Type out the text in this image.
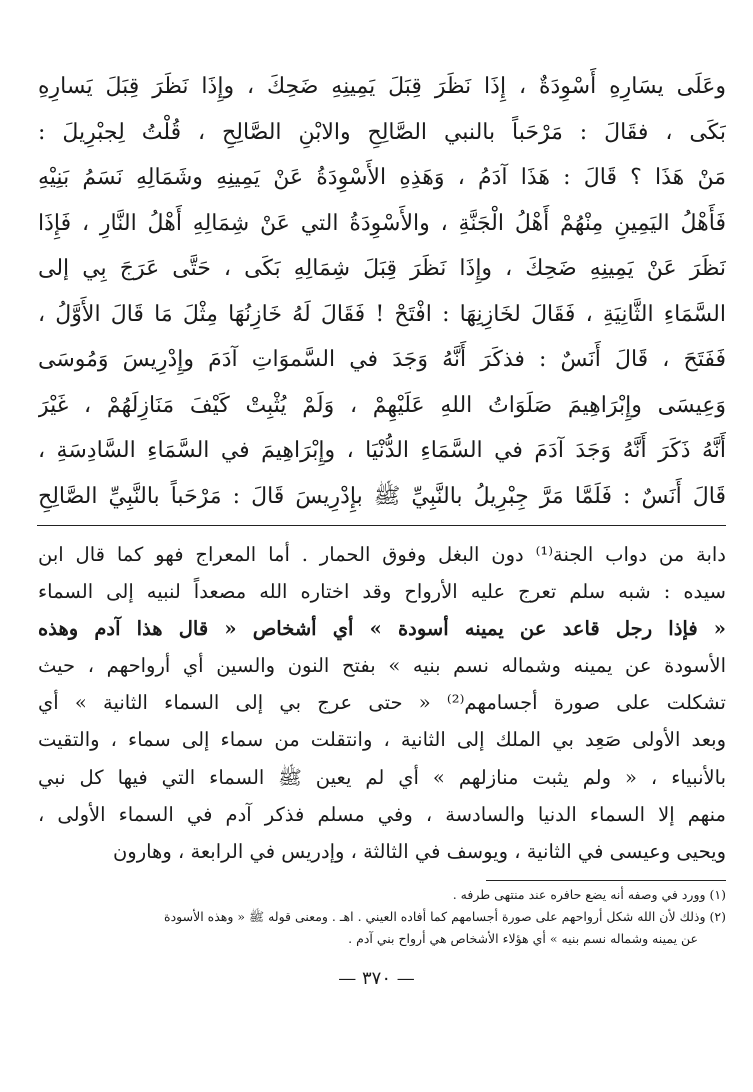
وعَلَى يسَارِهِ أَسْوِدَةٌ ، إِذَا نَظَرَ قِبَلَ يَمِينِهِ ضَحِكَ ، وإِذَا نَظَرَ قِبَلَ يَسارِهِ
بَكَى ، فقَالَ : مَرْحَباً بالنبي الصَّالِحِ والابْنِ الصَّالِحِ ، قُلْتُ لِجبْرِيلَ :
مَنْ هَذَا ؟ قَالَ : هَذَا آدَمُ ، وَهَذِهِ الأَسْوِدَةُ عَنْ يَمِينِهِ وشَمَالِهِ نَسَمُ بَنِيْهِ
فَأَهْلُ اليَمِينِ مِنْهُمْ أَهْلُ الْجَنَّةِ ، والأَسْوِدَةُ التي عَنْ شِمَالِهِ أَهْلُ النَّارِ ، فَإِذَا
نَظَرَ عَنْ يَمِينِهِ ضَحِكَ ، وإِذَا نَظَرَ قِبَلَ شِمَالِهِ بَكَى ، حَتَّى عَرَجَ بِي إلى
السَّمَاءِ الثَّانِيَةِ ، فَقَالَ لخَازِنِهَا : افْتَحْ ! فَقَالَ لَهُ خَازِنُهَا مِثْلَ مَا قَالَ الأَوَّلُ ،
فَفَتَحَ ، قَالَ أَنَسٌ : فذكَرَ أَنَّهُ وَجَدَ في السَّموَاتِ آدَمَ وإِدْرِيسَ وَمُوسَى
وَعِيسَى وإِبْرَاهِيمَ صَلَوَاتُ اللهِ عَلَيْهِمْ ، وَلَمْ يُثْبِتْ كَيْفَ مَنَازِلَهُمْ ، غَيْرَ
أَنَّهُ ذَكَرَ أَنَّهُ وَجَدَ آدَمَ في السَّمَاءِ الدُّنْيَا ، وإِبْرَاهِيمَ في السَّمَاءِ السَّادِسَةِ ،
قَالَ أَنَسٌ : فَلَمَّا مَرَّ جِبْرِيلُ بالنَّبِيِّ ﷺ بإِدْرِيسَ قَالَ : مَرْحَباً بالنَّبِيِّ الصَّالِحِ
دابة من دواب الجنة⁽¹⁾ دون البغل وفوق الحمار . أما المعراج فهو كما قال ابن
سيده : شبه سلم تعرج عليه الأرواح وقد اختاره الله مصعداً لنبيه إلى السماء
« فإذا رجل قاعد عن يمينه أسودة » أي أشخاص « قال هذا آدم وهذه
الأسودة عن يمينه وشماله نسم بنيه » بفتح النون والسين أي أرواحهم ، حيث
تشكلت على صورة أجسامهم⁽²⁾ « حتى عرج بي إلى السماء الثانية » أي
وبعد الأولى صَعِد بي الملك إلى الثانية ، وانتقلت من سماء إلى سماء ، والتقيت
بالأنبياء ، « ولم يثبت منازلهم » أي لم يعين ﷺ السماء التي فيها كل نبي
منهم إلا السماء الدنيا والسادسة ، وفي مسلم فذكر آدم في السماء الأولى ،
ويحيى وعيسى في الثانية ، ويوسف في الثالثة ، وإدريس في الرابعة ، وهارون
(١) وورد في وصفه أنه يضع حافره عند منتهى طرفه .
(٢) وذلك لأن الله شكل أرواحهم على صورة أجسامهم كما أفاده العيني . اهـ . ومعنى قوله ﷺ « وهذه الأسودة
عن يمينه وشماله نسم بنيه » أي هؤلاء الأشخاص هي أرواح بني آدم .
— ٣٧٠ —
